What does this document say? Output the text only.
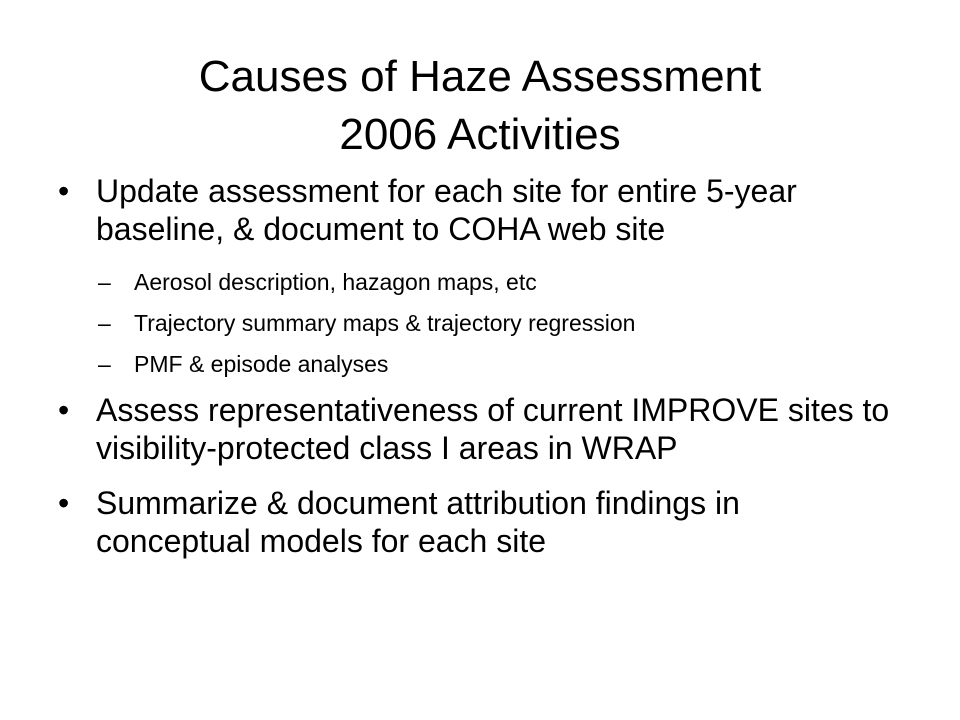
Causes of Haze Assessment
2006 Activities
• Update assessment for each site for entire 5-year baseline, & document to COHA web site
– Aerosol description, hazagon maps, etc
– Trajectory summary maps & trajectory regression
– PMF & episode analyses
• Assess representativeness of current IMPROVE sites to visibility-protected class I areas in WRAP
• Summarize & document attribution findings in conceptual models for each site
